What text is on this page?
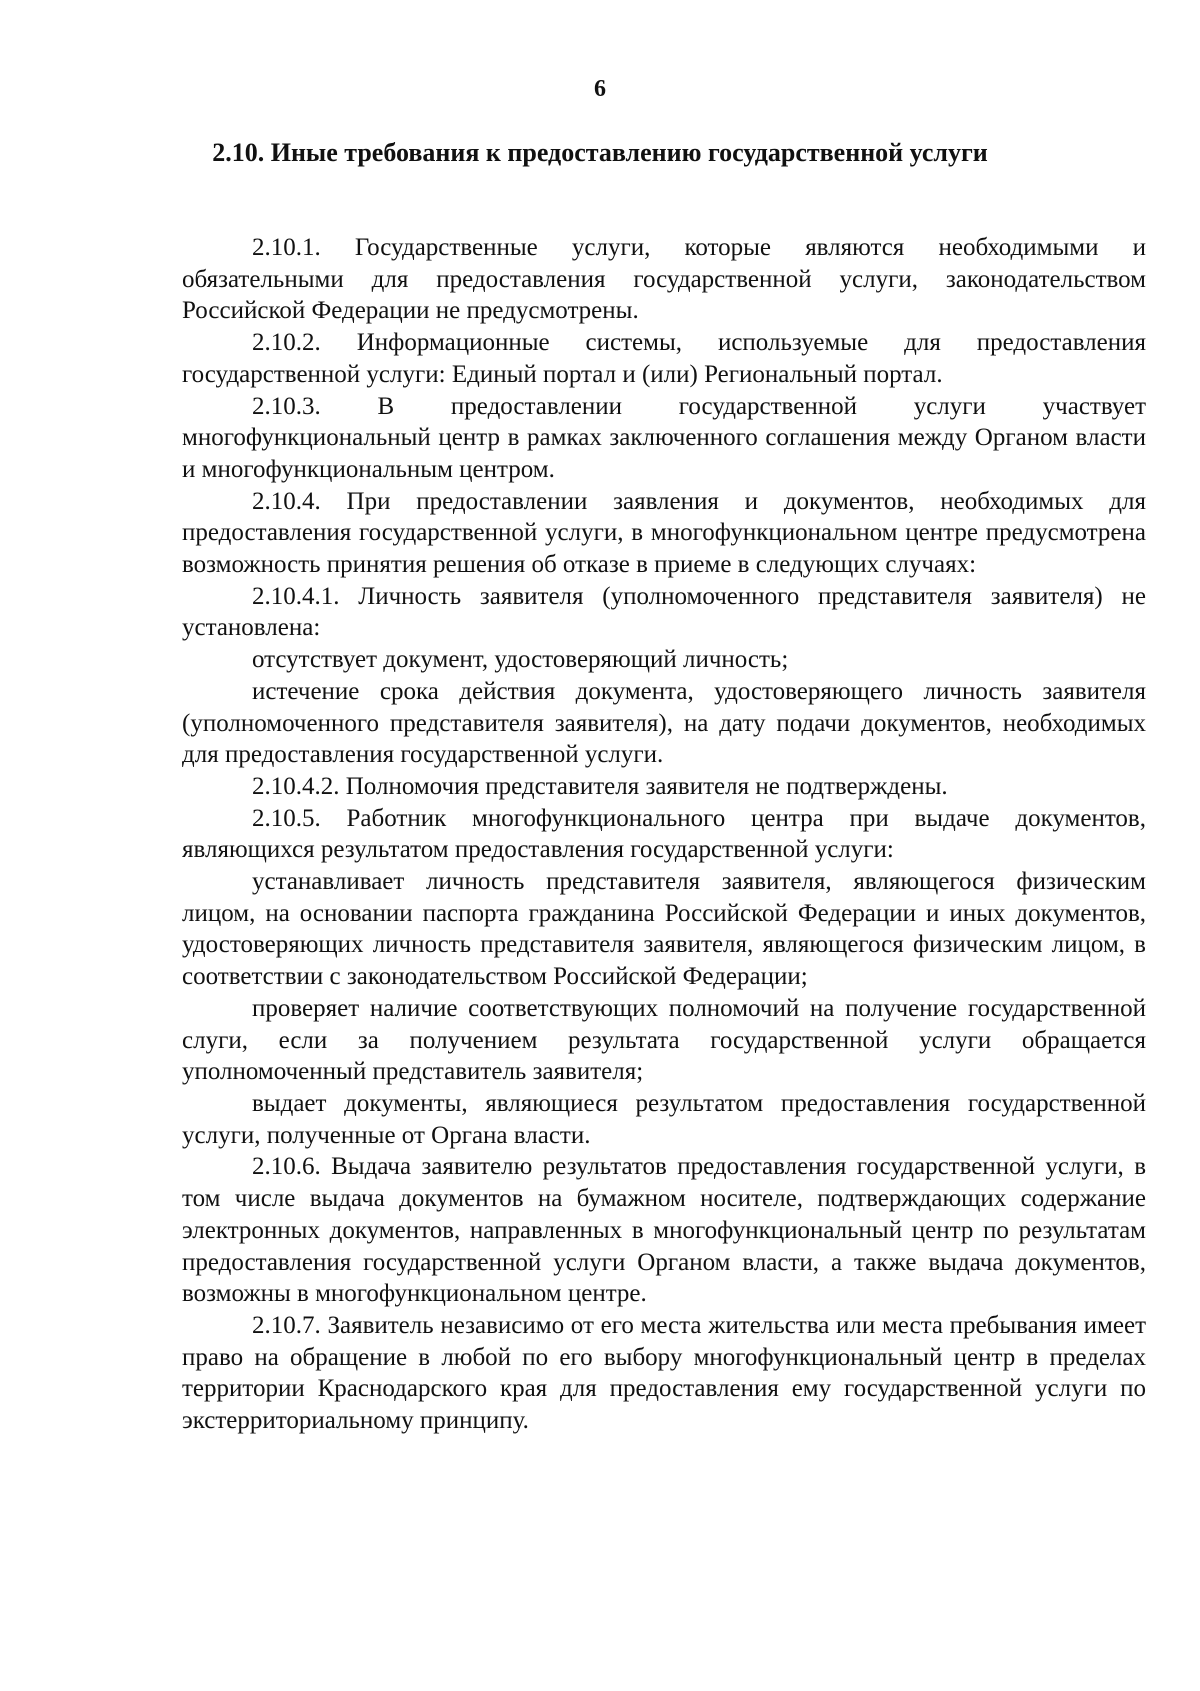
6
2.10. Иные требования к предоставлению государственной услуги

2.10.1. Государственные услуги, которые являются необходимыми и обязательными для предоставления государственной услуги, законодательством Российской Федерации не предусмотрены.

2.10.2. Информационные системы, используемые для предоставления государственной услуги: Единый портал и (или) Региональный портал.

2.10.3. В предоставлении государственной услуги участвует многофункциональный центр в рамках заключенного соглашения между Органом власти и многофункциональным центром.

2.10.4. При предоставлении заявления и документов, необходимых для предоставления государственной услуги, в многофункциональном центре предусмотрена возможность принятия решения об отказе в приеме в следующих случаях:

2.10.4.1. Личность заявителя (уполномоченного представителя заявителя) не установлена:

отсутствует документ, удостоверяющий личность;

истечение срока действия документа, удостоверяющего личность заявителя (уполномоченного представителя заявителя), на дату подачи документов, необходимых для предоставления государственной услуги.

2.10.4.2. Полномочия представителя заявителя не подтверждены.

2.10.5. Работник многофункционального центра при выдаче документов, являющихся результатом предоставления государственной услуги:

устанавливает личность представителя заявителя, являющегося физическим лицом, на основании паспорта гражданина Российской Федерации и иных документов, удостоверяющих личность представителя заявителя, являющегося физическим лицом, в соответствии с законодательством Российской Федерации;

проверяет наличие соответствующих полномочий на получение государственной слуги, если за получением результата государственной услуги обращается уполномоченный представитель заявителя;

выдает документы, являющиеся результатом предоставления государственной услуги, полученные от Органа власти.

2.10.6. Выдача заявителю результатов предоставления государственной услуги, в том числе выдача документов на бумажном носителе, подтверждающих содержание электронных документов, направленных в многофункциональный центр по результатам предоставления государственной услуги Органом власти, а также выдача документов, возможны в многофункциональном центре.

2.10.7. Заявитель независимо от его места жительства или места пребывания имеет право на обращение в любой по его выбору многофункциональный центр в пределах территории Краснодарского края для предоставления ему государственной услуги по экстерриториальному принципу.
